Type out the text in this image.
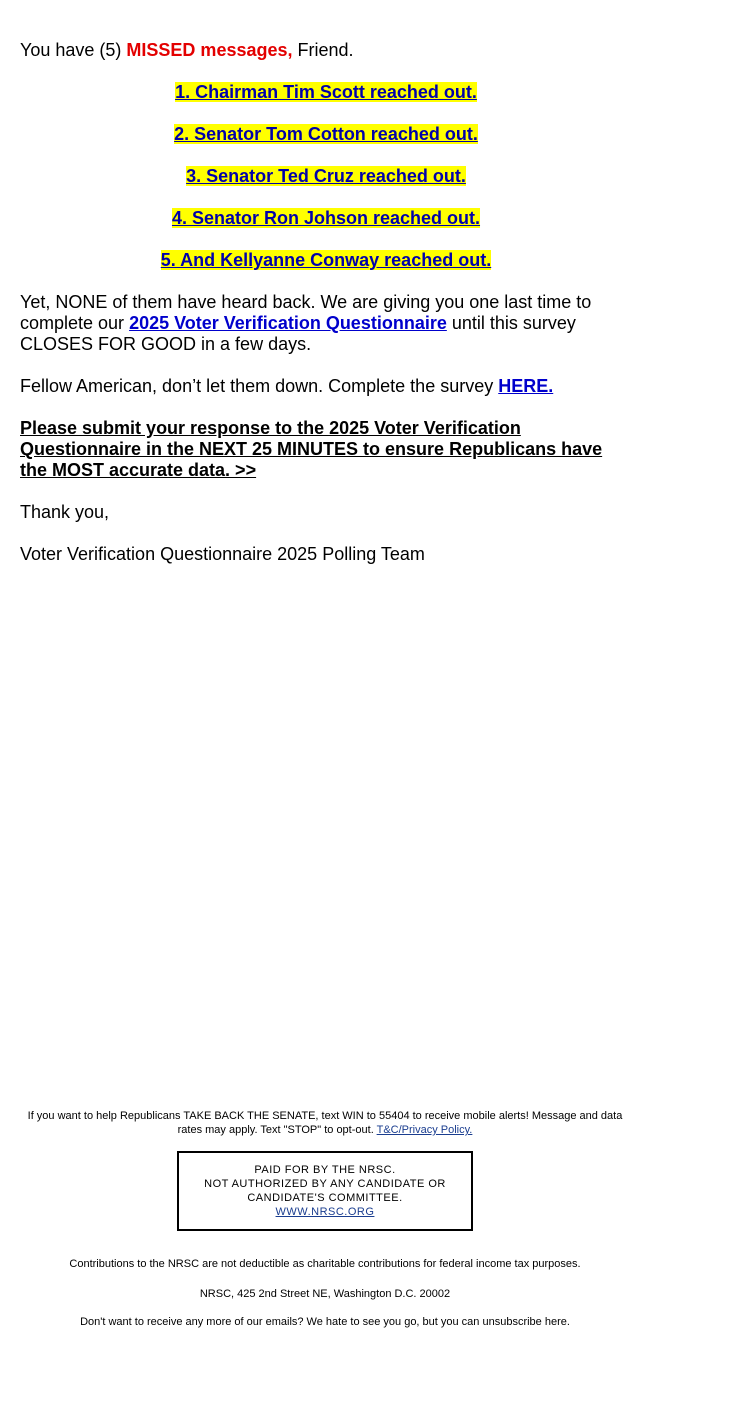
You have (5) MISSED messages, Friend.

1. Chairman Tim Scott reached out.

2. Senator Tom Cotton reached out.

3. Senator Ted Cruz reached out.

4. Senator Ron Johson reached out.

5. And Kellyanne Conway reached out.

Yet, NONE of them have heard back. We are giving you one last time to complete our 2025 Voter Verification Questionnaire until this survey CLOSES FOR GOOD in a few days.

Fellow American, don’t let them down. Complete the survey HERE.

Please submit your response to the 2025 Voter Verification Questionnaire in the NEXT 25 MINUTES to ensure Republicans have the MOST accurate data. >>

Thank you,

Voter Verification Questionnaire 2025 Polling Team

If you want to help Republicans TAKE BACK THE SENATE, text WIN to 55404 to receive mobile alerts! Message and data rates may apply. Text "STOP" to opt-out. T&C/Privacy Policy.

PAID FOR BY THE NRSC.
NOT AUTHORIZED BY ANY CANDIDATE OR CANDIDATE'S COMMITTEE.
WWW.NRSC.ORG

Contributions to the NRSC are not deductible as charitable contributions for federal income tax purposes.

NRSC, 425 2nd Street NE, Washington D.C. 20002

Don't want to receive any more of our emails? We hate to see you go, but you can unsubscribe here.
